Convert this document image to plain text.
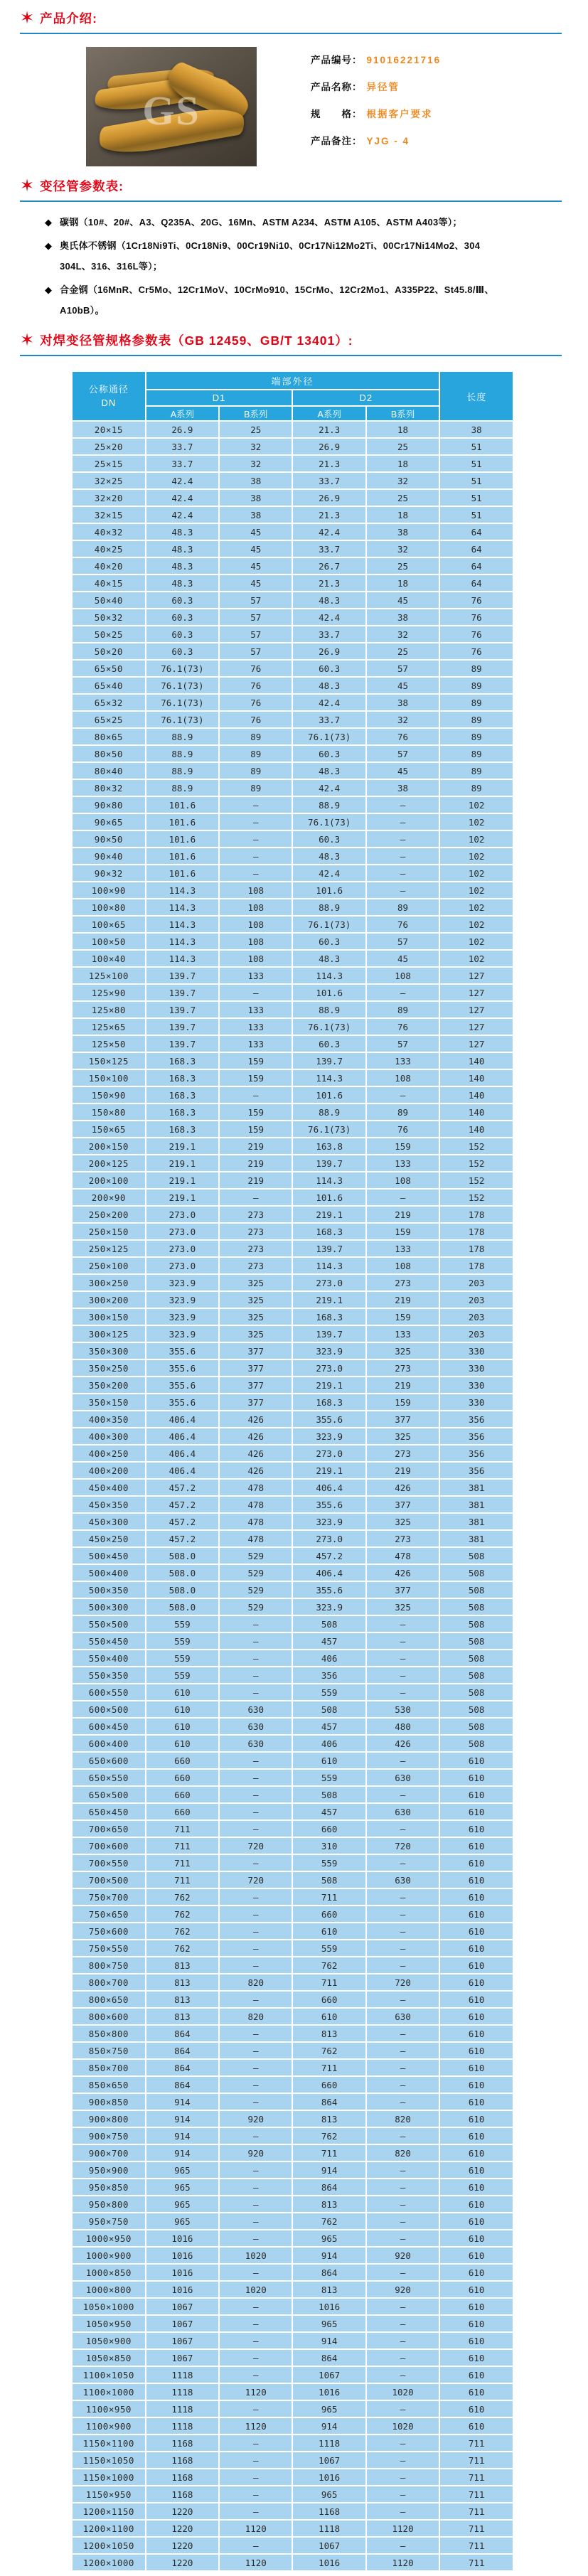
✶ 产品介绍:
GS
产品编号： 91016221716
产品名称： 异径管
规　　格： 根据客户要求
产品备注： YJG - 4
✶ 变径管参数表:
◆ 碳钢（10#、20#、A3、Q235A、20G、16Mn、ASTM A234、ASTM A105、ASTM A403等）；
◆ 奥氏体不锈钢（1Cr18Ni9Ti、0Cr18Ni9、00Cr19Ni10、0Cr17Ni12Mo2Ti、00Cr17Ni14Mo2、304
304L、316、316L等）；
◆ 合金钢（16MnR、Cr5Mo、12Cr1MoV、10CrMo910、15CrMo、12Cr2Mo1、A335P22、St45.8/Ⅲ、
A10bB）。
✶ 对焊变径管规格参数表（GB 12459、GB/T 13401）:
公称通径
DN	端部外径				长度
	D1		D2		
	A系列	B系列	A系列	B系列	
20×15	26.9	25	21.3	18	38
25×20	33.7	32	26.9	25	51
25×15	33.7	32	21.3	18	51
32×25	42.4	38	33.7	32	51
32×20	42.4	38	26.9	25	51
32×15	42.4	38	21.3	18	51
40×32	48.3	45	42.4	38	64
40×25	48.3	45	33.7	32	64
40×20	48.3	45	26.7	25	64
40×15	48.3	45	21.3	18	64
50×40	60.3	57	48.3	45	76
50×32	60.3	57	42.4	38	76
50×25	60.3	57	33.7	32	76
50×20	60.3	57	26.9	25	76
65×50	76.1(73)	76	60.3	57	89
65×40	76.1(73)	76	48.3	45	89
65×32	76.1(73)	76	42.4	38	89
65×25	76.1(73)	76	33.7	32	89
80×65	88.9	89	76.1(73)	76	89
80×50	88.9	89	60.3	57	89
80×40	88.9	89	48.3	45	89
80×32	88.9	89	42.4	38	89
90×80	101.6	–	88.9	–	102
90×65	101.6	–	76.1(73)	–	102
90×50	101.6	–	60.3	–	102
90×40	101.6	–	48.3	–	102
90×32	101.6	–	42.4	–	102
100×90	114.3	108	101.6	–	102
100×80	114.3	108	88.9	89	102
100×65	114.3	108	76.1(73)	76	102
100×50	114.3	108	60.3	57	102
100×40	114.3	108	48.3	45	102
125×100	139.7	133	114.3	108	127
125×90	139.7	–	101.6	–	127
125×80	139.7	133	88.9	89	127
125×65	139.7	133	76.1(73)	76	127
125×50	139.7	133	60.3	57	127
150×125	168.3	159	139.7	133	140
150×100	168.3	159	114.3	108	140
150×90	168.3	–	101.6	–	140
150×80	168.3	159	88.9	89	140
150×65	168.3	159	76.1(73)	76	140
200×150	219.1	219	163.8	159	152
200×125	219.1	219	139.7	133	152
200×100	219.1	219	114.3	108	152
200×90	219.1	–	101.6	–	152
250×200	273.0	273	219.1	219	178
250×150	273.0	273	168.3	159	178
250×125	273.0	273	139.7	133	178
250×100	273.0	273	114.3	108	178
300×250	323.9	325	273.0	273	203
300×200	323.9	325	219.1	219	203
300×150	323.9	325	168.3	159	203
300×125	323.9	325	139.7	133	203
350×300	355.6	377	323.9	325	330
350×250	355.6	377	273.0	273	330
350×200	355.6	377	219.1	219	330
350×150	355.6	377	168.3	159	330
400×350	406.4	426	355.6	377	356
400×300	406.4	426	323.9	325	356
400×250	406.4	426	273.0	273	356
400×200	406.4	426	219.1	219	356
450×400	457.2	478	406.4	426	381
450×350	457.2	478	355.6	377	381
450×300	457.2	478	323.9	325	381
450×250	457.2	478	273.0	273	381
500×450	508.0	529	457.2	478	508
500×400	508.0	529	406.4	426	508
500×350	508.0	529	355.6	377	508
500×300	508.0	529	323.9	325	508
550×500	559	–	508	–	508
550×450	559	–	457	–	508
550×400	559	–	406	–	508
550×350	559	–	356	–	508
600×550	610	–	559	–	508
600×500	610	630	508	530	508
600×450	610	630	457	480	508
600×400	610	630	406	426	508
650×600	660	–	610	–	610
650×550	660	–	559	630	610
650×500	660	–	508	–	610
650×450	660	–	457	630	610
700×650	711	–	660	–	610
700×600	711	720	310	720	610
700×550	711	–	559	–	610
700×500	711	720	508	630	610
750×700	762	–	711	–	610
750×650	762	–	660	–	610
750×600	762	–	610	–	610
750×550	762	–	559	–	610
800×750	813	–	762	–	610
800×700	813	820	711	720	610
800×650	813	–	660	–	610
800×600	813	820	610	630	610
850×800	864	–	813	–	610
850×750	864	–	762	–	610
850×700	864	–	711	–	610
850×650	864	–	660	–	610
900×850	914	–	864	–	610
900×800	914	920	813	820	610
900×750	914	–	762	–	610
900×700	914	920	711	820	610
950×900	965	–	914	–	610
950×850	965	–	864	–	610
950×800	965	–	813	–	610
950×750	965	–	762	–	610
1000×950	1016	–	965	–	610
1000×900	1016	1020	914	920	610
1000×850	1016	–	864	–	610
1000×800	1016	1020	813	920	610
1050×1000	1067	–	1016	–	610
1050×950	1067	–	965	–	610
1050×900	1067	–	914	–	610
1050×850	1067	–	864	–	610
1100×1050	1118	–	1067	–	610
1100×1000	1118	1120	1016	1020	610
1100×950	1118	–	965	–	610
1100×900	1118	1120	914	1020	610
1150×1100	1168	–	1118	–	711
1150×1050	1168	–	1067	–	711
1150×1000	1168	–	1016	–	711
1150×950	1168	–	965	–	711
1200×1150	1220	–	1168	–	711
1200×1100	1220	1120	1118	1120	711
1200×1050	1220	–	1067	–	711
1200×1000	1220	1120	1016	1120	711
